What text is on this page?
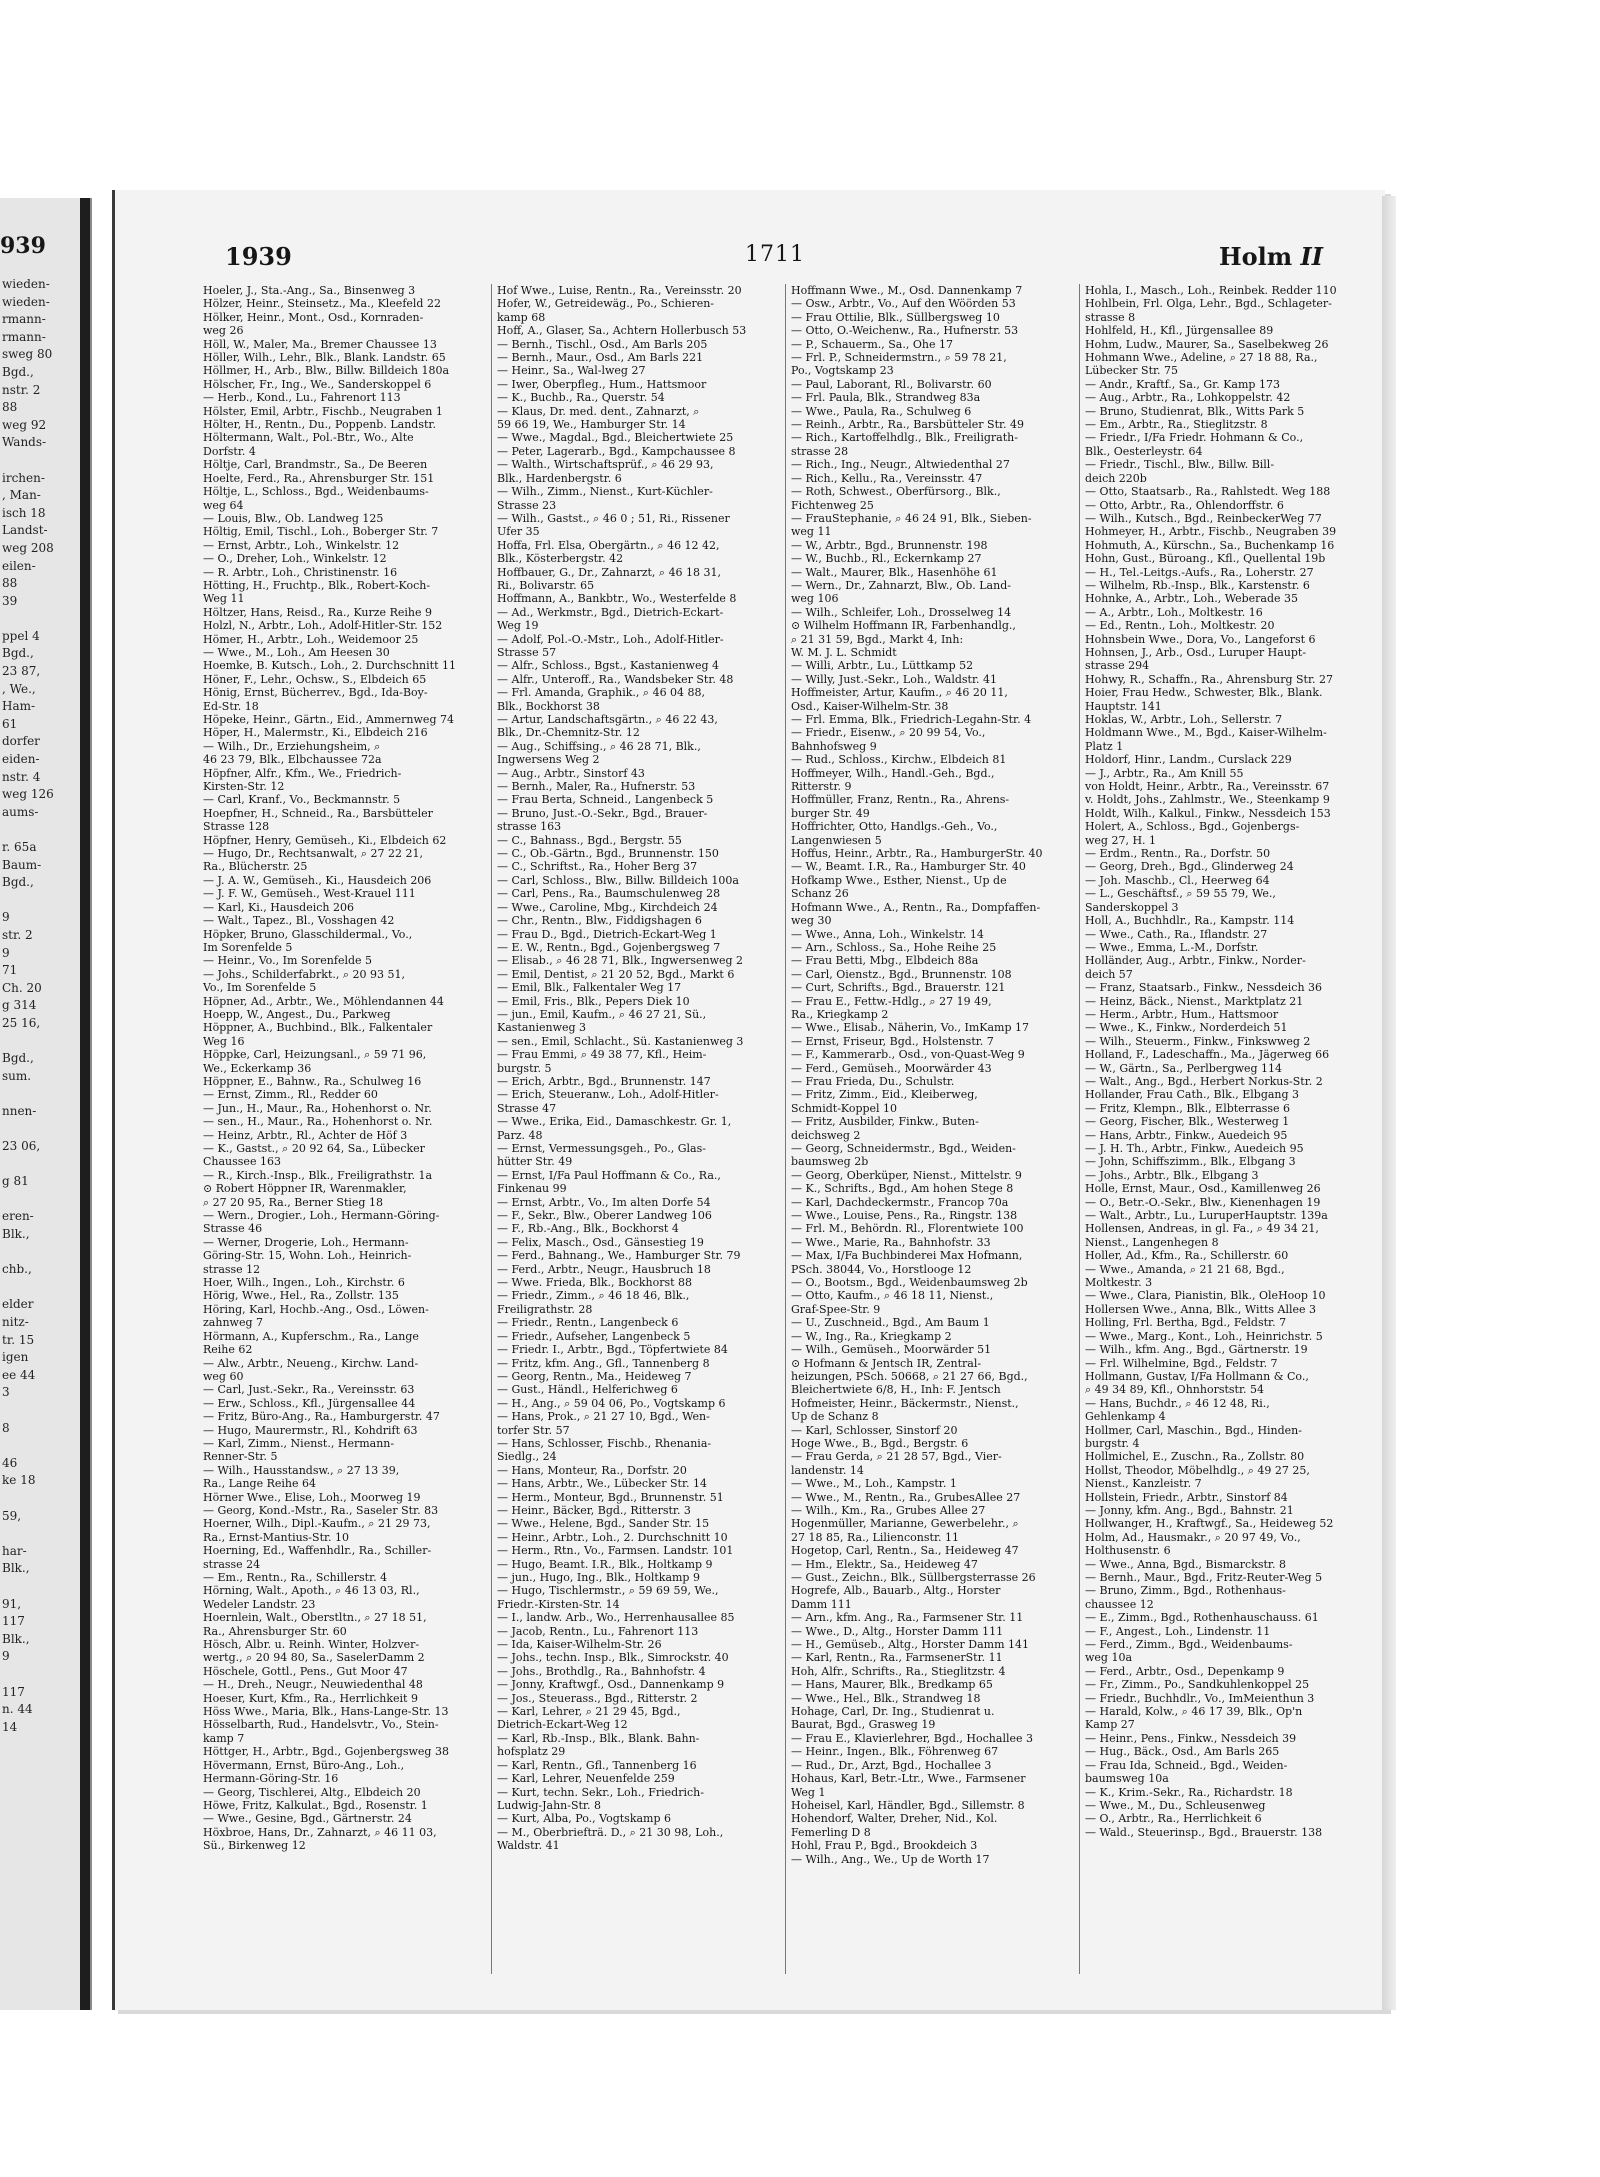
939
wieden-
wieden-
rmann-
rmann-
sweg 80
Bgd.,
nstr. 2
88
weg 92
Wands-

irchen-
, Man-
isch 18
Landst-
weg 208
eilen-
88
39

ppel 4
Bgd.,
23 87,
, We.,
Ham-
61
dorfer
eiden-
nstr. 4
weg 126
aums-

r. 65a
Baum-
Bgd.,

9
str. 2
9
71
Ch. 20
g 314
25 16,

Bgd.,
sum.

nnen-

23 06,

g 81

eren-
Blk.,

chb.,

elder
nitz-
tr. 15
igen
ee 44
3

8

46
ke 18

59,

har-
Blk.,

91,
117
Blk.,
9

117
n. 44
14
1939	1711	Holm II
Hoeler, J., Sta.-Ang., Sa., Binsenweg 3
Hölzer, Heinr., Steinsetz., Ma., Kleefeld 22
Hölker, Heinr., Mont., Osd., Kornraden-
weg 26
Höll, W., Maler, Ma., Bremer Chaussee 13
Höller, Wilh., Lehr., Blk., Blank. Landstr. 65
Höllmer, H., Arb., Blw., Billw. Billdeich 180a
Hölscher, Fr., Ing., We., Sanderskoppel 6
— Herb., Kond., Lu., Fahrenort 113
Hölster, Emil, Arbtr., Fischb., Neugraben 1
Hölter, H., Rentn., Du., Poppenb. Landstr.
Höltermann, Walt., Pol.-Btr., Wo., Alte
Dorfstr. 4
Höltje, Carl, Brandmstr., Sa., De Beeren
Hoelte, Ferd., Ra., Ahrensburger Str. 151
Höltje, L., Schloss., Bgd., Weidenbaums-
weg 64
— Louis, Blw., Ob. Landweg 125
Höltig, Emil, Tischl., Loh., Boberger Str. 7
— Ernst, Arbtr., Loh., Winkelstr. 12
— O., Dreher, Loh., Winkelstr. 12
— R. Arbtr., Loh., Christinenstr. 16
Hötting, H., Fruchtp., Blk., Robert-Koch-
Weg 11
Höltzer, Hans, Reisd., Ra., Kurze Reihe 9
Holzl, N., Arbtr., Loh., Adolf-Hitler-Str. 152
Hömer, H., Arbtr., Loh., Weidemoor 25
— Wwe., M., Loh., Am Heesen 30
Hoemke, B. Kutsch., Loh., 2. Durchschnitt 11
Höner, F., Lehr., Ochsw., S., Elbdeich 65
Hönig, Ernst, Bücherrev., Bgd., Ida-Boy-
Ed-Str. 18
Höpeke, Heinr., Gärtn., Eid., Ammernweg 74
Höper, H., Malermstr., Ki., Elbdeich 216
— Wilh., Dr., Erziehungsheim, ⌕
46 23 79, Blk., Elbchaussee 72a
Höpfner, Alfr., Kfm., We., Friedrich-
Kirsten-Str. 12
— Carl, Kranf., Vo., Beckmannstr. 5
Hoepfner, H., Schneid., Ra., Barsbütteler
Strasse 128
Höpfner, Henry, Gemüseh., Ki., Elbdeich 62
— Hugo, Dr., Rechtsanwalt, ⌕ 27 22 21,
Ra., Blücherstr. 25
— J. A. W., Gemüseh., Ki., Hausdeich 206
— J. F. W., Gemüseh., West-Krauel 111
— Karl, Ki., Hausdeich 206
— Walt., Tapez., Bl., Vosshagen 42
Höpker, Bruno, Glasschildermal., Vo.,
Im Sorenfelde 5
— Heinr., Vo., Im Sorenfelde 5
— Johs., Schilderfabrkt., ⌕ 20 93 51,
Vo., Im Sorenfelde 5
Höpner, Ad., Arbtr., We., Möhlendannen 44
Hoepp, W., Angest., Du., Parkweg
Höppner, A., Buchbind., Blk., Falkentaler
Weg 16
Höppke, Carl, Heizungsanl., ⌕ 59 71 96,
We., Eckerkamp 36
Höppner, E., Bahnw., Ra., Schulweg 16
— Ernst, Zimm., Rl., Redder 60
— Jun., H., Maur., Ra., Hohenhorst o. Nr.
— sen., H., Maur., Ra., Hohenhorst o. Nr.
— Heinz, Arbtr., Rl., Achter de Höf 3
— K., Gastst., ⌕ 20 92 64, Sa., Lübecker
Chaussee 163
— R., Kirch.-Insp., Blk., Freiligrathstr. 1a
⊙ Robert Höppner IR, Warenmakler,
⌕ 27 20 95, Ra., Berner Stieg 18
— Wern., Drogier., Loh., Hermann-Göring-
Strasse 46
— Werner, Drogerie, Loh., Hermann-
Göring-Str. 15, Wohn. Loh., Heinrich-
strasse 12
Hoer, Wilh., Ingen., Loh., Kirchstr. 6
Hörig, Wwe., Hel., Ra., Zollstr. 135
Höring, Karl, Hochb.-Ang., Osd., Löwen-
zahnweg 7
Hörmann, A., Kupferschm., Ra., Lange
Reihe 62
— Alw., Arbtr., Neueng., Kirchw. Land-
weg 60
— Carl, Just.-Sekr., Ra., Vereinsstr. 63
— Erw., Schloss., Kfl., Jürgensallee 44
— Fritz, Büro-Ang., Ra., Hamburgerstr. 47
— Hugo, Maurermstr., Rl., Kohdrift 63
— Karl, Zimm., Nienst., Hermann-
Renner-Str. 5
— Wilh., Hausstandsw., ⌕ 27 13 39,
Ra., Lange Reihe 64
Hörner Wwe., Elise, Loh., Moorweg 19
— Georg, Kond.-Mstr., Ra., Saseler Str. 83
Hoerner, Wilh., Dipl.-Kaufm., ⌕ 21 29 73,
Ra., Ernst-Mantius-Str. 10
Hoerning, Ed., Waffenhdlr., Ra., Schiller-
strasse 24
— Em., Rentn., Ra., Schillerstr. 4
Hörning, Walt., Apoth., ⌕ 46 13 03, Rl.,
Wedeler Landstr. 23
Hoernlein, Walt., Oberstltn., ⌕ 27 18 51,
Ra., Ahrensburger Str. 60
Hösch, Albr. u. Reinh. Winter, Holzver-
wertg., ⌕ 20 94 80, Sa., SaselerDamm 2
Höschele, Gottl., Pens., Gut Moor 47
— H., Dreh., Neugr., Neuwiedenthal 48
Hoeser, Kurt, Kfm., Ra., Herrlichkeit 9
Höss Wwe., Maria, Blk., Hans-Lange-Str. 13
Hösselbarth, Rud., Handelsvtr., Vo., Stein-
kamp 7
Höttger, H., Arbtr., Bgd., Gojenbergsweg 38
Hövermann, Ernst, Büro-Ang., Loh.,
Hermann-Göring-Str. 16
— Georg, Tischlerei, Altg., Elbdeich 20
Höwe, Fritz, Kalkulat., Bgd., Rosenstr. 1
— Wwe., Gesine, Bgd., Gärtnerstr. 24
Höxbroe, Hans, Dr., Zahnarzt, ⌕ 46 11 03,
Sü., Birkenweg 12
Hof Wwe., Luise, Rentn., Ra., Vereinsstr. 20
Hofer, W., Getreidewäg., Po., Schieren-
kamp 68
Hoff, A., Glaser, Sa., Achtern Hollerbusch 53
— Bernh., Tischl., Osd., Am Barls 205
— Bernh., Maur., Osd., Am Barls 221
— Heinr., Sa., Wal-lweg 27
— Iwer, Oberpfleg., Hum., Hattsmoor
— K., Buchb., Ra., Querstr. 54
— Klaus, Dr. med. dent., Zahnarzt, ⌕
59 66 19, We., Hamburger Str. 14
— Wwe., Magdal., Bgd., Bleichertwiete 25
— Peter, Lagerarb., Bgd., Kampchaussee 8
— Walth., Wirtschaftsprüf., ⌕ 46 29 93,
Blk., Hardenbergstr. 6
— Wilh., Zimm., Nienst., Kurt-Küchler-
Strasse 23
— Wilh., Gastst., ⌕ 46 0 ; 51, Ri., Rissener
Ufer 35
Hoffa, Frl. Elsa, Obergärtn., ⌕ 46 12 42,
Blk., Kösterbergstr. 42
Hoffbauer, G., Dr., Zahnarzt, ⌕ 46 18 31,
Ri., Bolivarstr. 65
Hoffmann, A., Bankbtr., Wo., Westerfelde 8
— Ad., Werkmstr., Bgd., Dietrich-Eckart-
Weg 19
— Adolf, Pol.-O.-Mstr., Loh., Adolf-Hitler-
Strasse 57
— Alfr., Schloss., Bgst., Kastanienweg 4
— Alfr., Unteroff., Ra., Wandsbeker Str. 48
— Frl. Amanda, Graphik., ⌕ 46 04 88,
Blk., Bockhorst 38
— Artur, Landschaftsgärtn., ⌕ 46 22 43,
Blk., Dr.-Chemnitz-Str. 12
— Aug., Schiffsing., ⌕ 46 28 71, Blk.,
Ingwersens Weg 2
— Aug., Arbtr., Sinstorf 43
— Bernh., Maler, Ra., Hufnerstr. 53
— Frau Berta, Schneid., Langenbeck 5
— Bruno, Just.-O.-Sekr., Bgd., Brauer-
strasse 163
— C., Bahnass., Bgd., Bergstr. 55
— C., Ob.-Gärtn., Bgd., Brunnenstr. 150
— C., Schriftst., Ra., Hoher Berg 37
— Carl, Schloss., Blw., Billw. Billdeich 100a
— Carl, Pens., Ra., Baumschulenweg 28
— Wwe., Caroline, Mbg., Kirchdeich 24
— Chr., Rentn., Blw., Fiddigshagen 6
— Frau D., Bgd., Dietrich-Eckart-Weg 1
— E. W., Rentn., Bgd., Gojenbergsweg 7
— Elisab., ⌕ 46 28 71, Blk., Ingwersenweg 2
— Emil, Dentist, ⌕ 21 20 52, Bgd., Markt 6
— Emil, Blk., Falkentaler Weg 17
— Emil, Fris., Blk., Pepers Diek 10
— jun., Emil, Kaufm., ⌕ 46 27 21, Sü.,
Kastanienweg 3
— sen., Emil, Schlacht., Sü. Kastanienweg 3
— Frau Emmi, ⌕ 49 38 77, Kfl., Heim-
burgstr. 5
— Erich, Arbtr., Bgd., Brunnenstr. 147
— Erich, Steueranw., Loh., Adolf-Hitler-
Strasse 47
— Wwe., Erika, Eid., Damaschkestr. Gr. 1,
Parz. 48
— Ernst, Vermessungsgeh., Po., Glas-
hütter Str. 49
— Ernst, I/Fa Paul Hoffmann & Co., Ra.,
Finkenau 99
— Ernst, Arbtr., Vo., Im alten Dorfe 54
— F., Sekr., Blw., Oberer Landweg 106
— F., Rb.-Ang., Blk., Bockhorst 4
— Felix, Masch., Osd., Gänsestieg 19
— Ferd., Bahnang., We., Hamburger Str. 79
— Ferd., Arbtr., Neugr., Hausbruch 18
— Wwe. Frieda, Blk., Bockhorst 88
— Friedr., Zimm., ⌕ 46 18 46, Blk.,
Freiligrathstr. 28
— Friedr., Rentn., Langenbeck 6
— Friedr., Aufseher, Langenbeck 5
— Friedr. I., Arbtr., Bgd., Töpfertwiete 84
— Fritz, kfm. Ang., Gfl., Tannenberg 8
— Georg, Rentn., Ma., Heideweg 7
— Gust., Händl., Helferichweg 6
— H., Ang., ⌕ 59 04 06, Po., Vogtskamp 6
— Hans, Prok., ⌕ 21 27 10, Bgd., Wen-
torfer Str. 57
— Hans, Schlosser, Fischb., Rhenania-
Siedlg., 24
— Hans, Monteur, Ra., Dorfstr. 20
— Hans, Arbtr., We., Lübecker Str. 14
— Herm., Monteur, Bgd., Brunnenstr. 51
— Heinr., Bäcker, Bgd., Ritterstr. 3
— Wwe., Helene, Bgd., Sander Str. 15
— Heinr., Arbtr., Loh., 2. Durchschnitt 10
— Herm., Rtn., Vo., Farmsen. Landstr. 101
— Hugo, Beamt. I.R., Blk., Holtkamp 9
— jun., Hugo, Ing., Blk., Holtkamp 9
— Hugo, Tischlermstr., ⌕ 59 69 59, We.,
Friedr.-Kirsten-Str. 14
— I., landw. Arb., Wo., Herrenhausallee 85
— Jacob, Rentn., Lu., Fahrenort 113
— Ida, Kaiser-Wilhelm-Str. 26
— Johs., techn. Insp., Blk., Simrockstr. 40
— Johs., Brothdlg., Ra., Bahnhofstr. 4
— Jonny, Kraftwgf., Osd., Dannenkamp 9
— Jos., Steuerass., Bgd., Ritterstr. 2
— Karl, Lehrer, ⌕ 21 29 45, Bgd.,
Dietrich-Eckart-Weg 12
— Karl, Rb.-Insp., Blk., Blank. Bahn-
hofsplatz 29
— Karl, Rentn., Gfl., Tannenberg 16
— Karl, Lehrer, Neuenfelde 259
— Kurt, techn. Sekr., Loh., Friedrich-
Ludwig-Jahn-Str. 8
— Kurt, Alba, Po., Vogtskamp 6
— M., Oberbriefträ. D., ⌕ 21 30 98, Loh.,
Waldstr. 41
Hoffmann Wwe., M., Osd. Dannenkamp 7
— Osw., Arbtr., Vo., Auf den Wöörden 53
— Frau Ottilie, Blk., Süllbergsweg 10
— Otto, O.-Weichenw., Ra., Hufnerstr. 53
— P., Schauerm., Sa., Ohe 17
— Frl. P., Schneidermstrn., ⌕ 59 78 21,
Po., Vogtskamp 23
— Paul, Laborant, Rl., Bolivarstr. 60
— Frl. Paula, Blk., Strandweg 83a
— Wwe., Paula, Ra., Schulweg 6
— Reinh., Arbtr., Ra., Barsbütteler Str. 49
— Rich., Kartoffelhdlg., Blk., Freiligrath-
strasse 28
— Rich., Ing., Neugr., Altwiedenthal 27
— Rich., Kellu., Ra., Vereinsstr. 47
— Roth, Schwest., Oberfürsorg., Blk.,
Fichtenweg 25
— FrauStephanie, ⌕ 46 24 91, Blk., Sieben-
weg 11
— W., Arbtr., Bgd., Brunnenstr. 198
— W., Buchb., Rl., Eckernkamp 27
— Walt., Maurer, Blk., Hasenhöhe 61
— Wern., Dr., Zahnarzt, Blw., Ob. Land-
weg 106
— Wilh., Schleifer, Loh., Drosselweg 14
⊙ Wilhelm Hoffmann IR, Farbenhandlg.,
⌕ 21 31 59, Bgd., Markt 4, Inh:
W. M. J. L. Schmidt
— Willi, Arbtr., Lu., Lüttkamp 52
— Willy, Just.-Sekr., Loh., Waldstr. 41
Hoffmeister, Artur, Kaufm., ⌕ 46 20 11,
Osd., Kaiser-Wilhelm-Str. 38
— Frl. Emma, Blk., Friedrich-Legahn-Str. 4
— Friedr., Eisenw., ⌕ 20 99 54, Vo.,
Bahnhofsweg 9
— Rud., Schloss., Kirchw., Elbdeich 81
Hoffmeyer, Wilh., Handl.-Geh., Bgd.,
Ritterstr. 9
Hoffmüller, Franz, Rentn., Ra., Ahrens-
burger Str. 49
Hoffrichter, Otto, Handlgs.-Geh., Vo.,
Langenwiesen 5
Hoffus, Heinr., Arbtr., Ra., HamburgerStr. 40
— W., Beamt. I.R., Ra., Hamburger Str. 40
Hofkamp Wwe., Esther, Nienst., Up de
Schanz 26
Hofmann Wwe., A., Rentn., Ra., Dompfaffen-
weg 30
— Wwe., Anna, Loh., Winkelstr. 14
— Arn., Schloss., Sa., Hohe Reihe 25
— Frau Betti, Mbg., Elbdeich 88a
— Carl, Oienstz., Bgd., Brunnenstr. 108
— Curt, Schrifts., Bgd., Brauerstr. 121
— Frau E., Fettw.-Hdlg., ⌕ 27 19 49,
Ra., Kriegkamp 2
— Wwe., Elisab., Näherin, Vo., ImKamp 17
— Ernst, Friseur, Bgd., Holstenstr. 7
— F., Kammerarb., Osd., von-Quast-Weg 9
— Ferd., Gemüseh., Moorwärder 43
— Frau Frieda, Du., Schulstr.
— Fritz, Zimm., Eid., Kleiberweg,
Schmidt-Koppel 10
— Fritz, Ausbilder, Finkw., Buten-
deichsweg 2
— Georg, Schneidermstr., Bgd., Weiden-
baumsweg 2b
— Georg, Oberküper, Nienst., Mittelstr. 9
— K., Schrifts., Bgd., Am hohen Stege 8
— Karl, Dachdeckermstr., Francop 70a
— Wwe., Louise, Pens., Ra., Ringstr. 138
— Frl. M., Behördn. Rl., Florentwiete 100
— Wwe., Marie, Ra., Bahnhofstr. 33
— Max, I/Fa Buchbinderei Max Hofmann,
PSch. 38044, Vo., Horstlooge 12
— O., Bootsm., Bgd., Weidenbaumsweg 2b
— Otto, Kaufm., ⌕ 46 18 11, Nienst.,
Graf-Spee-Str. 9
— U., Zuschneid., Bgd., Am Baum 1
— W., Ing., Ra., Kriegkamp 2
— Wilh., Gemüseh., Moorwärder 51
⊙ Hofmann & Jentsch IR, Zentral-
heizungen, PSch. 50668, ⌕ 21 27 66, Bgd.,
Bleichertwiete 6/8, H., Inh: F. Jentsch
Hofmeister, Heinr., Bäckermstr., Nienst.,
Up de Schanz 8
— Karl, Schlosser, Sinstorf 20
Hoge Wwe., B., Bgd., Bergstr. 6
— Frau Gerda, ⌕ 21 28 57, Bgd., Vier-
landenstr. 14
— Wwe., M., Loh., Kampstr. 1
— Wwe., M., Rentn., Ra., GrubesAllee 27
— Wilh., Km., Ra., Grubes Allee 27
Hogenmüller, Marianne, Gewerbelehr., ⌕
27 18 85, Ra., Lilienconstr. 11
Hogetop, Carl, Rentn., Sa., Heideweg 47
— Hm., Elektr., Sa., Heideweg 47
— Gust., Zeichn., Blk., Süllbergsterrasse 26
Hogrefe, Alb., Bauarb., Altg., Horster
Damm 111
— Arn., kfm. Ang., Ra., Farmsener Str. 11
— Wwe., D., Altg., Horster Damm 111
— H., Gemüseb., Altg., Horster Damm 141
— Karl, Rentn., Ra., FarmsenerStr. 11
Hoh, Alfr., Schrifts., Ra., Stieglitzstr. 4
— Hans, Maurer, Blk., Bredkamp 65
— Wwe., Hel., Blk., Strandweg 18
Hohage, Carl, Dr. Ing., Studienrat u.
Baurat, Bgd., Grasweg 19
— Frau E., Klavierlehrer, Bgd., Hochallee 3
— Heinr., Ingen., Blk., Föhrenweg 67
— Rud., Dr., Arzt, Bgd., Hochallee 3
Hohaus, Karl, Betr.-Ltr., Wwe., Farmsener
Weg 1
Hoheisel, Karl, Händler, Bgd., Sillemstr. 8
Hohendorf, Walter, Dreher, Nid., Kol.
Femerling D 8
Hohl, Frau P., Bgd., Brookdeich 3
— Wilh., Ang., We., Up de Worth 17
Hohla, I., Masch., Loh., Reinbek. Redder 110
Hohlbein, Frl. Olga, Lehr., Bgd., Schlageter-
strasse 8
Hohlfeld, H., Kfl., Jürgensallee 89
Hohm, Ludw., Maurer, Sa., Saselbekweg 26
Hohmann Wwe., Adeline, ⌕ 27 18 88, Ra.,
Lübecker Str. 75
— Andr., Kraftf., Sa., Gr. Kamp 173
— Aug., Arbtr., Ra., Lohkoppelstr. 42
— Bruno, Studienrat, Blk., Witts Park 5
— Em., Arbtr., Ra., Stieglitzstr. 8
— Friedr., I/Fa Friedr. Hohmann & Co.,
Blk., Oesterleystr. 64
— Friedr., Tischl., Blw., Billw. Bill-
deich 220b
— Otto, Staatsarb., Ra., Rahlstedt. Weg 188
— Otto, Arbtr., Ra., Ohlendorffstr. 6
— Wilh., Kutsch., Bgd., ReinbeckerWeg 77
Hohmeyer, H., Arbtr., Fischb., Neugraben 39
Hohmuth, A., Kürschn., Sa., Buchenkamp 16
Hohn, Gust., Büroang., Kfl., Quellental 19b
— H., Tel.-Leitgs.-Aufs., Ra., Loherstr. 27
— Wilhelm, Rb.-Insp., Blk., Karstenstr. 6
Hohnke, A., Arbtr., Loh., Weberade 35
— A., Arbtr., Loh., Moltkestr. 16
— Ed., Rentn., Loh., Moltkestr. 20
Hohnsbein Wwe., Dora, Vo., Langeforst 6
Hohnsen, J., Arb., Osd., Luruper Haupt-
strasse 294
Hohwy, R., Schaffn., Ra., Ahrensburg Str. 27
Hoier, Frau Hedw., Schwester, Blk., Blank.
Hauptstr. 141
Hoklas, W., Arbtr., Loh., Sellerstr. 7
Holdmann Wwe., M., Bgd., Kaiser-Wilhelm-
Platz 1
Holdorf, Hinr., Landm., Curslack 229
— J., Arbtr., Ra., Am Knill 55
von Holdt, Heinr., Arbtr., Ra., Vereinsstr. 67
v. Holdt, Johs., Zahlmstr., We., Steenkamp 9
Holdt, Wilh., Kalkul., Finkw., Nessdeich 153
Holert, A., Schloss., Bgd., Gojenbergs-
weg 27, H. 1
— Erdm., Rentn., Ra., Dorfstr. 50
— Georg, Dreh., Bgd., Glinderweg 24
— Joh. Maschb., Cl., Heerweg 64
— L., Geschäftsf., ⌕ 59 55 79, We.,
Sanderskoppel 3
Holl, A., Buchhdlr., Ra., Kampstr. 114
— Wwe., Cath., Ra., Iflandstr. 27
— Wwe., Emma, L.-M., Dorfstr.
Holländer, Aug., Arbtr., Finkw., Norder-
deich 57
— Franz, Staatsarb., Finkw., Nessdeich 36
— Heinz, Bäck., Nienst., Marktplatz 21
— Herm., Arbtr., Hum., Hattsmoor
— Wwe., K., Finkw., Norderdeich 51
— Wilh., Steuerm., Finkw., Finkswweg 2
Holland, F., Ladeschaffn., Ma., Jägerweg 66
— W., Gärtn., Sa., Perlbergweg 114
— Walt., Ang., Bgd., Herbert Norkus-Str. 2
Hollander, Frau Cath., Blk., Elbgang 3
— Fritz, Klempn., Blk., Elbterrasse 6
— Georg, Fischer, Blk., Westerweg 1
— Hans, Arbtr., Finkw., Auedeich 95
— J. H. Th., Arbtr., Finkw., Auedeich 95
— John, Schiffszimm., Blk., Elbgang 3
— Johs., Arbtr., Blk., Elbgang 3
Holle, Ernst, Maur., Osd., Kamillenweg 26
— O., Betr.-O.-Sekr., Blw., Kienenhagen 19
— Walt., Arbtr., Lu., LuruperHauptstr. 139a
Hollensen, Andreas, in gl. Fa., ⌕ 49 34 21,
Nienst., Langenhegen 8
Holler, Ad., Kfm., Ra., Schillerstr. 60
— Wwe., Amanda, ⌕ 21 21 68, Bgd.,
Moltkestr. 3
— Wwe., Clara, Pianistin, Blk., OleHoop 10
Hollersen Wwe., Anna, Blk., Witts Allee 3
Holling, Frl. Bertha, Bgd., Feldstr. 7
— Wwe., Marg., Kont., Loh., Heinrichstr. 5
— Wilh., kfm. Ang., Bgd., Gärtnerstr. 19
— Frl. Wilhelmine, Bgd., Feldstr. 7
Hollmann, Gustav, I/Fa Hollmann & Co.,
⌕ 49 34 89, Kfl., Ohnhorststr. 54
— Hans, Buchdr., ⌕ 46 12 48, Ri.,
Gehlenkamp 4
Hollmer, Carl, Maschin., Bgd., Hinden-
burgstr. 4
Hollmichel, E., Zuschn., Ra., Zollstr. 80
Hollst, Theodor, Möbelhdlg., ⌕ 49 27 25,
Nienst., Kanzleistr. 7
Hollstein, Friedr., Arbtr., Sinstorf 84
— Jonny, kfm. Ang., Bgd., Bahnstr. 21
Hollwanger, H., Kraftwgf., Sa., Heideweg 52
Holm, Ad., Hausmakr., ⌕ 20 97 49, Vo.,
Holthusenstr. 6
— Wwe., Anna, Bgd., Bismarckstr. 8
— Bernh., Maur., Bgd., Fritz-Reuter-Weg 5
— Bruno, Zimm., Bgd., Rothenhaus-
chaussee 12
— E., Zimm., Bgd., Rothenhauschauss. 61
— F., Angest., Loh., Lindenstr. 11
— Ferd., Zimm., Bgd., Weidenbaums-
weg 10a
— Ferd., Arbtr., Osd., Depenkamp 9
— Fr., Zimm., Po., Sandkuhlenkoppel 25
— Friedr., Buchhdlr., Vo., ImMeienthun 3
— Harald, Kolw., ⌕ 46 17 39, Blk., Op'n
Kamp 27
— Heinr., Pens., Finkw., Nessdeich 39
— Hug., Bäck., Osd., Am Barls 265
— Frau Ida, Schneid., Bgd., Weiden-
baumsweg 10a
— K., Krim.-Sekr., Ra., Richardstr. 18
— Wwe., M., Du., Schleusenweg
— O., Arbtr., Ra., Herrlichkeit 6
— Wald., Steuerinsp., Bgd., Brauerstr. 138
